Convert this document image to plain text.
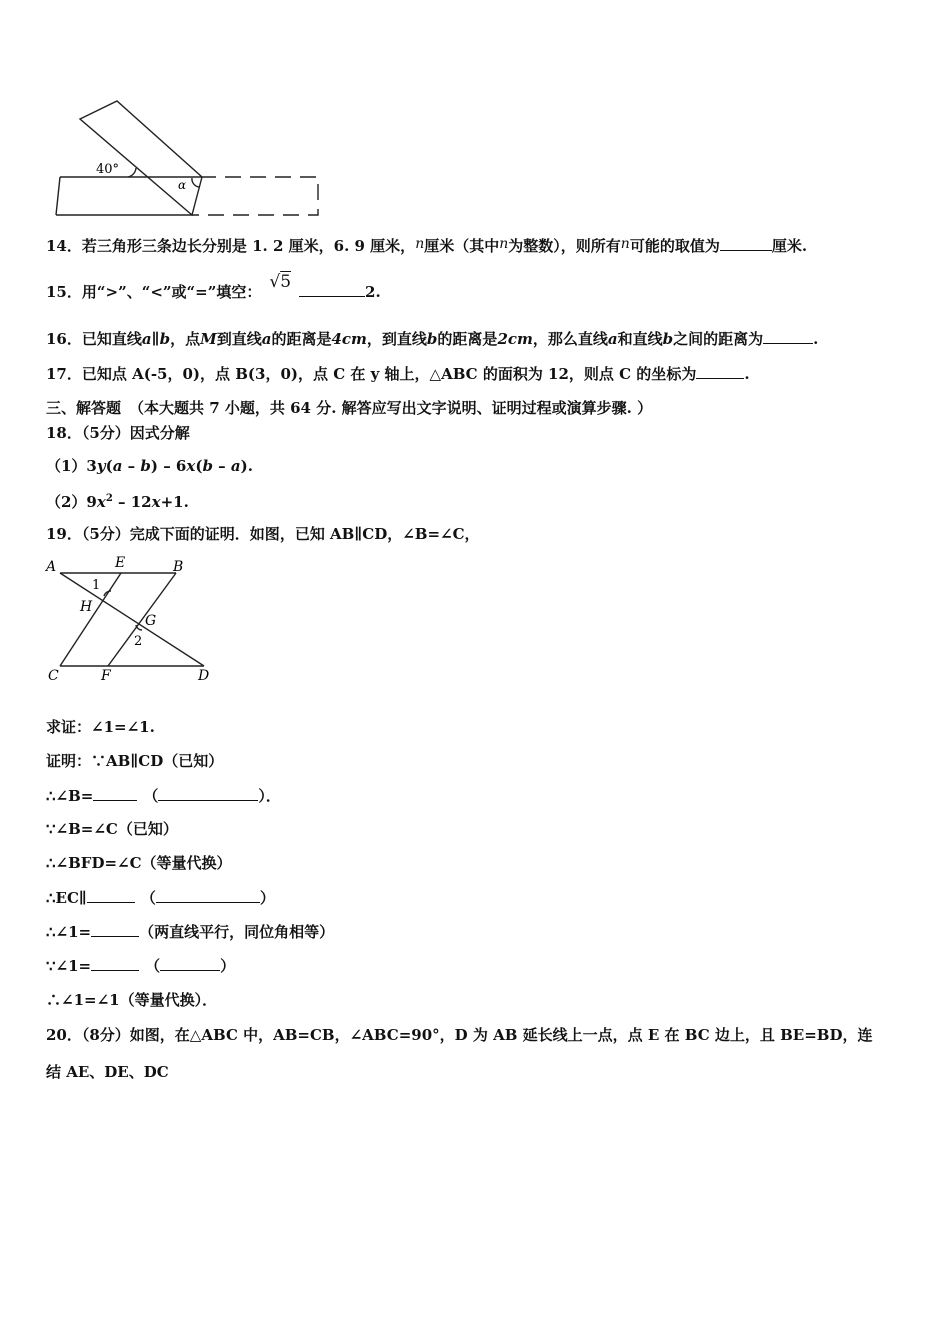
40°
α
14．若三角形三条边长分别是 1. 2 厘米，6. 9 厘米，n厘米（其中n为整数），则所有n可能的取值为	厘米.
15．用“>”、“<”或“=”填空： √5	2.
16．已知直线a∥b，点M到直线a的距离是4cm，到直线b的距离是2cm，那么直线a和直线b之间的距离为	.
17．已知点 A(-5，0)，点 B(3，0)，点 C 在 y 轴上，△ABC 的面积为 12，则点 C 的坐标为	.
三、解答题 （本大题共 7 小题，共 64 分. 解答应写出文字说明、证明过程或演算步骤. ）
18．（5分）因式分解
（1）3y(a – b) – 6x(b – a).
$(2)9x^2 - 12x+1$.
19．（5分）完成下面的证明．如图，已知 AB∥CD，∠B=∠C，
A	E	B
H
G
C	F	D
1
2
求证：∠1=∠1.
证明：∵AB∥CD（已知）
∴∠B=	（	）．
∵∠B=∠C（已知）
∴∠BFD=∠C（等量代换）
∴EC∥	（	）
∴∠1=	（两直线平行，同位角相等）
∵∠1=	（	）
∴∠1=∠1（等量代换）．
20．（8分）如图，在△ABC 中，AB=CB，∠ABC=90°，D 为 AB 延长线上一点，点 E 在 BC 边上，且 BE=BD，连
结 AE、DE、DC
